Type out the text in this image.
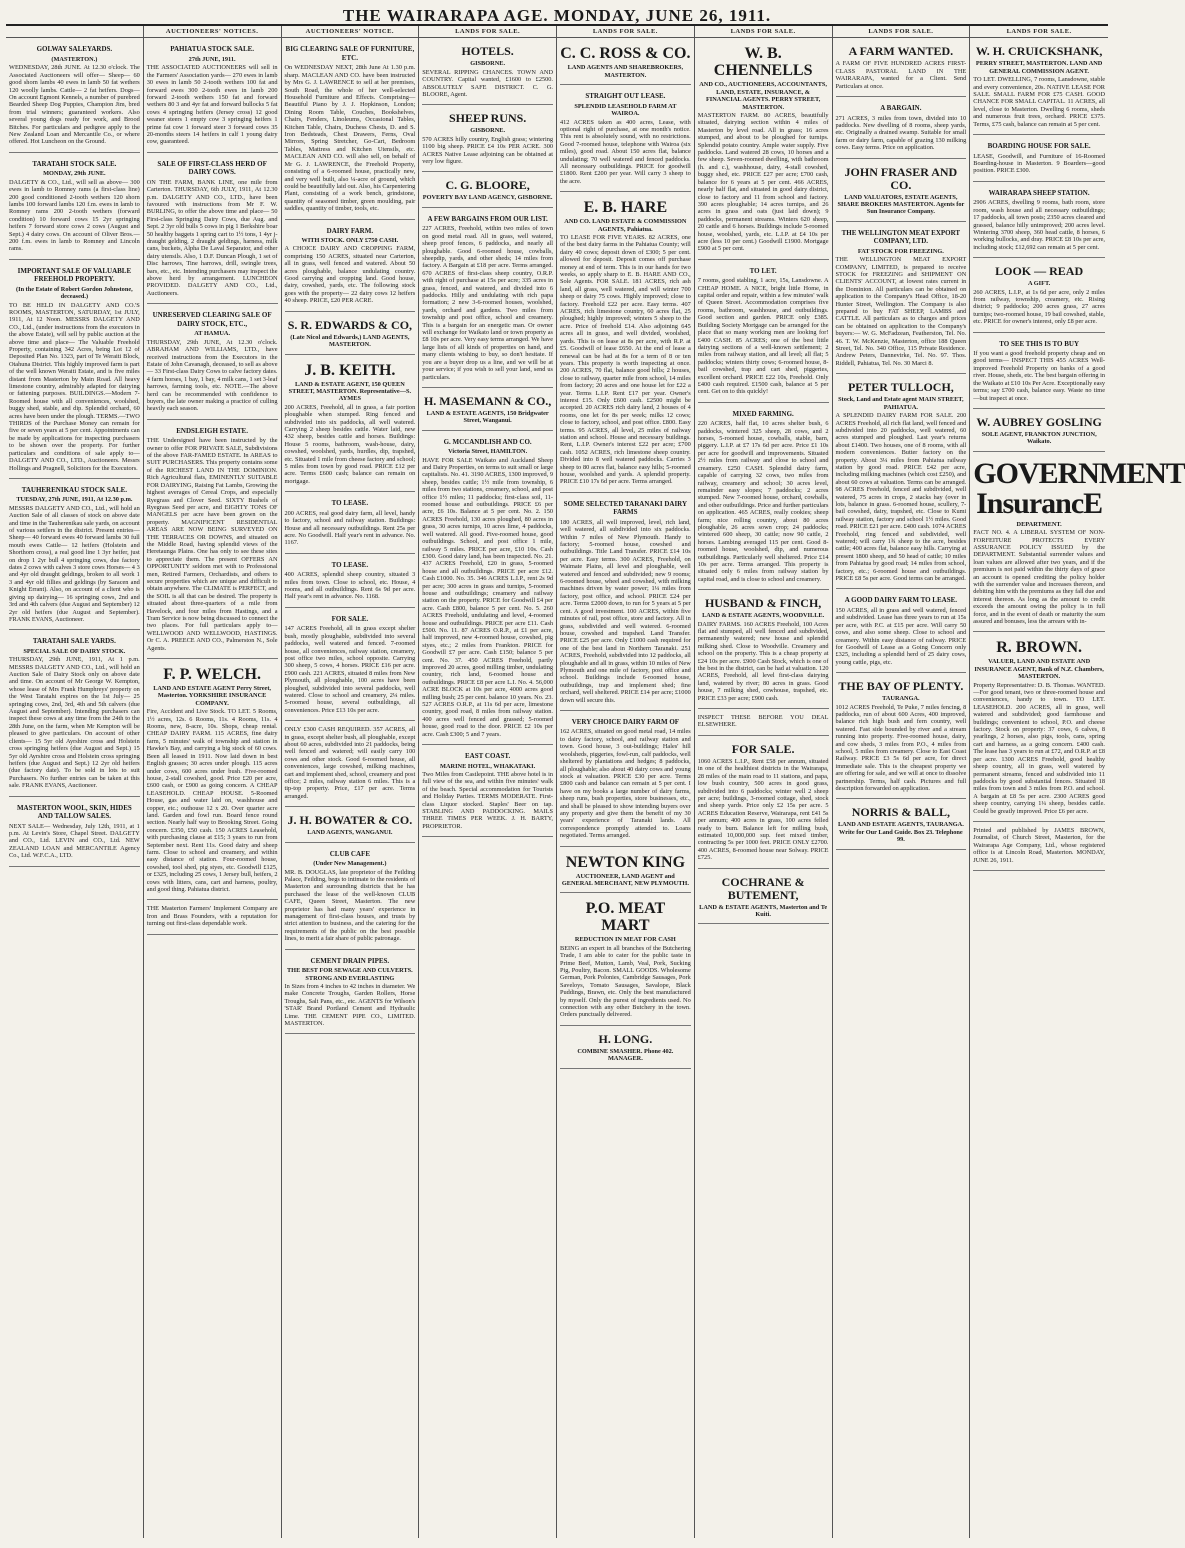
THE WAIRARAPA AGE. MONDAY, JUNE 26, 1911.

GOLWAY SALEYARDS.
(MASTERTON.)

WEDNESDAY, 28th JUNE. At 12.30 o'clock. The Associated Auctioneers will offer— Sheep— 60 good shorn lambs 40 ewes in lamb 50 fat wethers 120 woolly lambs. Cattle— 2 fat heifers. Dogs— On account Egmont Kennels, a number of purebred Bearded Sheep Dog Puppies, Champion Jim, bred from trial winners; guaranteed workers. Also several young dogs ready for work, and Brood Bitches. For particulars and pedigree apply to the New Zealand Loan and Mercantile Co., or where offered. Hot Luncheon on the Ground.

TARATAHI STOCK SALE.
MONDAY, 29th JUNE.

DALGETY & CO., Ltd., will sell as above— 300 ewes in lamb to Romney rams (a first-class line) 200 good conditioned 2-tooth wethers 120 shorn lambs 100 forward lambs 120 f.m. ewes in lamb to Romney rams 200 2-tooth wethers (forward condition) 10 forward cows 15 2yr springing heifers 7 forward store cows 2 cows (August and Sept.) 4 dairy cows. On account of Oliver Bros.— 200 f.m. ewes in lamb to Romney and Lincoln rams.

IMPORTANT SALE OF VALUABLE FREEHOLD PROPERTY.
(In the Estate of Robert Gordon Johnstone, deceased.)

TO BE HELD IN DALGETY AND CO.'S ROOMS, MASTERTON, SATURDAY, 1st JULY, 1911, At 12 Noon. MESSRS DALGETY AND CO., Ltd., (under instructions from the executors in the above Estate), will sell by public auction at the above time and place— The Valuable Freehold Property, containing 342 Acres, being Lot 12 of Deposited Plan No. 1323, part of Te Weraiti Block, Otahuna District. This highly improved farm is part of the well known Weraiti Estate, and is five miles distant from Masterton by Main Road. All heavy limestone country, admirably adapted for dairying or fattening purposes. BUILDINGS.—Modern 7-Roomed house with all conveniences, woolshed, buggy shed, stable, and dip. Splendid orchard, 60 acres have been under the plough. TERMS.—TWO THIRDS of the Purchase Money can remain for five or seven years at 5 per cent. Appointments can be made by applications for inspecting purchasers to be shown over the property. For further particulars and conditions of sale apply to— DALGETY AND CO., LTD., Auctioneers. Messrs Hollings and Pragnell, Solicitors for the Executors.

TAUHERENIKAU STOCK SALE.
TUESDAY, 27th JUNE, 1911, At 12.30 p.m.

MESSRS DALGETY AND CO., Ltd., will hold an Auction Sale of all classes of stock on above date and time in the Tauherenikau sale yards, on account of various settlers in the district. Present entries— Sheep— 40 forward ewes 40 forward lambs 30 full mouth ewes Cattle— 12 heifers (Holstein and Shorthorn cross), a real good line 1 3yr heifer, just on drop 1 2yr bull 4 springing cows, due factory dates 2 cows with calves 3 store cows Horses— 4 3 and 4yr old draught geldings, broken to all work 1 3 and 4yr old fillies and geldings (by Saracen and Knight Errant). Also, on account of a client who is giving up dairying— 16 springing cows, 2nd and 3rd and 4th calvers (due August and September) 12 2yr old heifers (due August and September). FRANK EVANS, Auctioneer.

TARATAHI SALE YARDS.
SPECIAL SALE OF DAIRY STOCK.

THURSDAY, 29th JUNE, 1911, At 1 p.m. MESSRS DALGETY AND CO., Ltd., will hold an Auction Sale of Dairy Stock only on above date and time. On account of Mr George W. Kempton, whose lease of Mrs Frank Humphreys' property on the West Taratahi expires on the 1st July— 25 springing cows, 2nd, 3rd, 4th and 5th calvers (due August and September). Intending purchasers can inspect these cows at any time from the 24th to the 28th June, on the farm, when Mr Kempton will be pleased to give particulars. On account of other clients— 15 5yr old Ayrshire cross and Holstein cross springing heifers (due August and Sept.) 15 5yr old Ayrshire cross and Holstein cross springing heifers (due August and Sept.) 12 2yr old heifers (due factory date). To be sold in lots to suit Purchasers. No further entries can be taken at this sale. FRANK EVANS, Auctioneer.

MASTERTON WOOL, SKIN, HIDES AND TALLOW SALES.

NEXT SALE— Wednesday, July 12th, 1911, at 1 p.m. At Levin's Store, Chapel Street. DALGETY and CO., Ltd. LEVIN and CO., Ltd. NEW ZEALAND LOAN and MERCANTILE Agency Co., Ltd. W.F.C.A., LTD.

AUCTIONEERS' NOTICES.
PAHIATUA STOCK SALE.
27th JUNE, 1911.

THE ASSOCIATED AUCTIONEERS will sell in the Farmers' Association yards— 270 ewes in lamb 30 ewes in lamb 50 2-tooth wethers 100 fat and forward ewes 300 2-tooth ewes in lamb 200 forward 2-tooth wethers 150 fat and forward wethers 80 3 and 4yr fat and forward bullocks 5 fat cows 4 springing heifers (Jersey cross) 12 good weaner steers 1 empty cow 3 springing heifers 1 prime fat cow 1 forward steer 3 forward cows 35 20-months steers 14 heifers in calf 1 young dairy cow, guaranteed.

SALE OF FIRST-CLASS HERD OF DAIRY COWS.

ON THE FARM, BANK LINE, one mile from Carterton. THURSDAY, 6th JULY, 1911, At 12.30 p.m. DALGETY AND CO., LTD., have been favoured with instructions from Mr F. W. BURLING, to offer the above time and place— 50 First-class Springing Dairy Cows, due Aug. and Sept. 2 3yr old bulls 5 cows in pig 1 Berkshire boar 50 healthy baggets 1 spring cart to 1½ tons, 1 4yr j-draught gelding, 2 draught geldings, harness, milk cans, buckets, Alpha De Laval Separator, and other dairy utensils. Also, 1 D.F. Duncan Plough, 1 set of Disc harrows, Tine harrows, drill, swingle trees, bars, etc., etc. Intending purchasers may inspect the above herd by arrangement. LUNCHEON PROVIDED. DALGETY AND CO., Ltd., Auctioneers.

UNRESERVED CLEARING SALE OF DAIRY STOCK, ETC.,
AT HAMUA.

THURSDAY, 29th JUNE, At 12.30 o'clock. ABRAHAM AND WILLIAMS, LTD., have received instructions from the Executors in the Estate of John Cavanagh, deceased, to sell as above— 33 First-class Dairy Cows to calve factory dates. 4 farm horses, 1 bay, 1 bay, 4 milk cans, 1 set 3-leaf harrows, farming tools, etc. NOTE.—The above herd can be recommended with confidence to buyers, the late owner making a practice of culling heavily each season.

ENDSLEIGH ESTATE.

THE Undersigned have been instructed by the owner to offer FOR PRIVATE SALE, Subdivisions of the above FAR-FAMED ESTATE. In AREAS to SUIT PURCHASERS. This property contains some of the RICHEST LAND IN THE DOMINION. Rich Agricultural flats, EMINENTLY SUITABLE FOR DAIRYING, Raising Fat Lambs, Growing the highest averages of Cereal Crops, and especially Ryegrass and Clover Seed. SIXTY Bushels of Ryegrass Seed per acre, and EIGHTY TONS OF MANGELS per acre have been grown on the property. MAGNIFICENT RESIDENTIAL AREAS ARE NOW BEING SURVEYED ON THE TERRACES OR DOWNS, and situated on the Middle Road, having splendid views of the Heretaunga Plains. One has only to see these sites to appreciate them. The present OFFERS AN OPPORTUNITY seldom met with to Professional men, Retired Farmers, Orchardists, and others to secure properties which are unique and difficult to obtain anywhere. The CLIMATE is PERFECT, and the SOIL is all that can be desired. The property is situated about three-quarters of a mile from Havelock, and four miles from Hastings, and a Tram Service is now being discussed to connect the two places. For full particulars apply to— WELLWOOD AND WELLWOOD, HASTINGS. Or C. A. PREECE AND CO., Palmerston N., Sole Agents.

F. P. WELCH.
LAND AND ESTATE AGENT Perry Street, Masterton. YORKSHIRE INSURANCE COMPANY.

Fire, Accident and Live Stock. TO LET. 5 Rooms, 1½ acres, 12s. 6 Rooms, 11s. 4 Rooms, 11s. 4 Rooms, new, 8-acre, 10s. Shops, cheap rental. CHEAP DAIRY FARM. 115 ACRES, fine dairy farm, 5 minutes' walk of township and station in Hawke's Bay, and carrying a big stock of 60 cows. Been all leased in 1911. Now laid down in best English grasses; 30 acres under plough. 115 acres under cows, 600 acres under bush. Five-roomed house, 2-stall cowshed, good. Price £20 per acre, £600 cash, or £900 as going concern. A CHEAP LEASEHOLD. CHEAP HOUSE. 5-Roomed House, gas and water laid on, washhouse and copper, etc.; outhouse 12 x 20. Over quarter acre land. Garden and fowl run. Board fence round section. Nearly half way to Brooking Street. Going concern. £350, £50 cash. 150 ACRES Leasehold, with purchasing clause at £15; 3 years to run from September next. Rent 11s. Good dairy and sheep farm. Close to school and creamery, and within easy distance of station. Four-roomed house, cowshed, tool shed, pig styes, etc. Goodwill £125, or £325, including 25 cows, 1 Jersey bull, heifers, 2 cows with litters, cans, cart and harness, poultry, and good thing. Pahiatua district.

THE Masterton Farmers' Implement Company are Iron and Brass Founders, with a reputation for turning out first-class dependable work.

AUCTIONEERS' NOTICE.
BIG CLEARING SALE OF FURNITURE, ETC.

On WEDNESDAY NEXT, 28th June At 1.30 p.m. sharp. MACLEAN AND CO. have been instructed by Mrs G. J. LAWRENCE to sell at her premises, South Road, the whole of her well-selected Household Furniture and Effects. Comprising—Beautiful Piano by J. J. Hopkinson, London; Dining Room Table, Couches, Bookshelves, Chairs, Fenders, Linoleums, Occasional Tables, Kitchen Table, Chairs, Duchess Chests, D. and S. Iron Bedsteads, Chest Drawers, Ferns, Oval Mirrors, Spring Stretcher, Go-Cart, Bedroom Tables, Mattress and Kitchen Utensils, etc. MACLEAN AND CO. will also sell, on behalf of Mr G. J. LAWRENCE, the Freehold Property, consisting of a 6-roomed house, practically new, and very well built, also ¼-acre of ground, which could be beautifully laid out. Also, his Carpentering Plant, consisting of a work bench, grindstone, quantity of seasoned timber, green moulding, pair saddles, quantity of timber, tools, etc.

DAIRY FARM.
WITH STOCK. ONLY £750 CASH.

A CHOICE DAIRY AND CROPPING FARM, comprising 150 ACRES, situated near Carterton, all in grass, well fenced and watered. About 50 acres ploughable, balance undulating country. Good carrying and cropping land. Good house, dairy, cowshed, yards, etc. The following stock goes with the property— 22 dairy cows 12 heifers 40 sheep. PRICE, £20 PER ACRE.

S. R. EDWARDS & CO,
(Late Nicol and Edwards,) LAND AGENTS, MASTERTON.
J. B. KEITH.
LAND & ESTATE AGENT, 150 QUEEN STREET, MASTERTON. Representative—S. AYMES

200 ACRES, Freehold, all in grass, a fair portion ploughable when stumped. Ring fenced and subdivided into six paddocks, all well watered. Carrying 2 sheep besides cattle. Water laid, new 432 sheep, besides cattle and horses. Buildings: House 5 rooms, bathroom, wash-house, dairy, cowshed, woolshed, yards, hurdles, dip, trapshed, etc. Situated 1 mile from cheese factory and school; 5 miles from town by good road. PRICE £12 per acre. Terms £600 cash; balance can remain on mortgage.

TO LEASE.

200 ACRES, real good dairy farm, all level, handy to factory, school and railway station. Buildings: House and all necessary outbuildings. Rent 25s per acre. No Goodwill. Half year's rent in advance. No. 1167.

TO LEASE.

400 ACRES, splendid sheep country, situated 3 miles from town. Close to school, etc. House, 4 rooms, and all outbuildings. Rent 6s 9d per acre. Half year's rent in advance. No. 1168.

FOR SALE.

147 ACRES Freehold, all in grass except shelter bush, mostly ploughable, subdivided into several paddocks, well watered and fenced. 7-roomed house, all conveniences, railway station, creamery, post office two miles, school opposite. Carrying 300 sheep, 5 cows, 4 horses. PRICE £16 per acre. £900 cash. 221 ACRES, situated 8 miles from New Plymouth, all ploughable, 100 acres have been ploughed, subdivided into several paddocks, well watered. Close to school and creamery, 2¼ miles. 5-roomed house, several outbuildings, all conveniences. Price £13 10s per acre.

ONLY £300 CASH REQUIRED. 357 ACRES, all in grass, except shelter bush, all ploughable, except about 60 acres, subdivided into 21 paddocks, being well fenced and watered; will easily carry 100 cows and other stock. Good 6-roomed house, all conveniences, large cowshed, milking machines, cart and implement shed, school, creamery and post office; 2 miles, railway station 6 miles. This is a tip-top property. Price, £17 per acre. Terms arranged.

J. H. BOWATER & CO.
LAND AGENTS, WANGANUI.
CLUB CAFE
(Under New Management.)

MR. B. DOUGLAS, late proprietor of the Feilding Palace, Feilding, begs to intimate to the residents of Masterton and surrounding districts that he has purchased the lease of the well-known CLUB CAFE, Queen Street, Masterton. The new proprietor has had many years' experience in management of first-class houses, and trusts by strict attention to business, and the catering for the requirements of the public on the best possible lines, to merit a fair share of public patronage.

CEMENT DRAIN PIPES.
THE BEST FOR SEWAGE AND CULVERTS. STRONG AND EVERLASTING

In Sizes from 4 inches to 42 inches in diameter. We make Concrete Troughs, Garden Rollers, Horse Troughs, Salt Pans, etc., etc. AGENTS for Wilson's 'STAR' Brand Portland Cement and Hydraulic Lime. THE CEMENT PIPE CO., LIMITED. MASTERTON.

LANDS FOR SALE.
HOTELS.
GISBORNE.

SEVERAL RIPPING CHANCES. TOWN AND COUNTRY. Capital wanted, £1600 to £2500. ABSOLUTELY SAFE DISTRICT. C. G. BLOORE, Agent.

SHEEP RUNS.
GISBORNE.

570 ACRES hilly country, English grass; wintering 1100 big sheep. PRICE £4 10s PER ACRE. 300 ACRES Native Lease adjoining can be obtained at very low figure.

C. G. BLOORE,
POVERTY BAY LAND AGENCY, GISBORNE.
A FEW BARGAINS FROM OUR LIST.

227 ACRES, Freehold, within two miles of town on good metal road. All in grass, well watered, sheep proof fences, 6 paddocks, and nearly all ploughable. Good 6-roomed house, cowballs, sheepdip, yards, and other sheds; 14 miles from factory. A Bargain at £18 per acre. Terms arranged. 670 ACRES of first-class sheep country, O.R.P. with right of purchase at 15s per acre; 335 acres in grass, fenced, and watered, and divided into 6 paddocks. Hilly and undulating with rich papa formation; 2 new 3-6-roomed houses, woolshed, yards, orchard and gardens. Two miles from township and post office, school and creamery. This is a bargain for an energetic man. Or owner will exchange for Waikato land or town property as £8 10s per acre. Very easy terms arranged. We have large lists of all kinds of properties on hand, and many clients wishing to buy, so don't hesitate. If you are a buyer drop us a line, and we will be at your service; if you wish to sell your land, send us particulars.

H. MASEMANN & CO.,
LAND & ESTATE AGENTS, 150 Bridgwater Street, Wanganui.
G. MCCANDLISH AND CO.
Victoria Street, HAMILTON.

HAVE FOR SALE Waikato and Auckland Sheep and Dairy Properties, on terms to suit small or large capitalists. No. 41. 3190 ACRES, 1300 improved, 9 sheep, besides cattle; 1½ mile from township, 6 miles from two stations, creamery, school, and post office 1½ miles; 11 paddocks; first-class soil, 11-roomed house and outbuildings. PRICE £6 per acre, £6 10s. Balance at 5 per cent. No. 2. 150 ACRES Freehold, 130 acres ploughed, 80 acres in grass, 30 acres turnips, 10 acres lime, 4 paddocks, well watered. All good. Five-roomed house, good outbuildings. School, and post office 1 mile, railway 5 miles. PRICE per acre, £10 10s. Cash £300. Good dairy land, has been inspected. No. 21. 437 ACRES Freehold, £20 in grass, 5-roomed house and all outbuildings. PRICE per acre £12. Cash £1000. No. 35. 346 ACRES L.I.P., rent 2s 9d per acre; 300 acres in grass and turnips, 5-roomed house and outbuildings; creamery and railway station on the property. PRICE for Goodwill £4 per acre. Cash £800, balance 5 per cent. No. 5. 260 ACRES Freehold, undulating and level, 4-roomed house and outbuildings. PRICE per acre £11. Cash £500. No. 11. 87 ACRES O.R.P., at £1 per acre, half improved, new 4-roomed house, cowshed, pig styes, etc.; 2 miles from Frankton. PRICE for Goodwill £7 per acre. Cash £150; balance 5 per cent. No. 37. 450 ACRES Freehold, partly improved 20 acres, good milling timber, undulating country, rich land, 6-roomed house and outbuildings. PRICE £8 per acre L.I. No. 4. 56,000 ACRE BLOCK at 10s per acre, 4000 acres good milling bush; 25 per cent. balance 10 years. No. 23. 527 ACRES O.R.P., at 11s 6d per acre, limestone country, good road, 8 miles from railway station. 400 acres well fenced and grassed; 5-roomed house, good road to the door. PRICE £2 10s per acre. Cash £300; 5 and 7 years.

EAST COAST.
MARINE HOTEL, WHAKATAKI.

Two Miles from Castlepoint. THE above hotel is in full view of the sea, and within five minutes' walk of the beach. Special accommodation for Tourists and Holiday Parties. TERMS MODERATE. First-class Liquor stocked. Staples' Beer on tap. STABLING AND PADDOCKING. MAILS THREE TIMES PER WEEK. J. H. BARTY, PROPRIETOR.

LANDS FOR SALE.
C. C. ROSS & CO.
LAND AGENTS AND SHAREBROKERS, MASTERTON.
STRAIGHT OUT LEASE.
SPLENDID LEASEHOLD FARM AT WAIROA.

412 ACRES taken as 400 acres, Lease, with optional right of purchase, at one month's notice. This rent is absolutely sound, with no restrictions. Good 7-roomed house, telephone with Wairoa (six miles), good road. About 150 acres flat, balance undulating; 70 well watered and fenced paddocks. All necessary outbuildings. PRICE for goodwill £1800. Rent £200 per year. Will carry 3 sheep to the acre.

E. B. HARE
AND CO. LAND ESTATE & COMMISSION AGENTS, Pahiatua.

TO LEASE FOR FIVE YEARS. 82 ACRES, one of the best dairy farms in the Pahiatua County; will dairy 40 cows; deposit down of £300; 5 per cent. allowed for deposit. Deposit comes off purchase money at end of term. This is in our hands for two weeks, so apply sharp to E. B. HARE AND CO., Sole Agents. FOR SALE. 181 ACRES, rich ash land, all grass, well watered, and will winter 700 sheep or dairy 75 cows. Highly improved; close to factory. Freehold £22 per acre. Easy terms. 407 ACRES, rich limestone country, 60 acres flat, 25 ploughed; highly improved; winters 5 sheep to the acre. Price of freehold £14. Also adjoining 645 acres all in grass, and well divided, woolshed, yards. This is on lease at 8s per acre, with R.P. at £5. Goodwill of lease £650. At the end of lease a renewal can be had at 8s for a term of 8 or ten years. This property is worth inspecting at once. 200 ACRES, 70 flat, balance good hills; 2 houses, close to railway, quarter mile from school, 14 miles from factory; 20 acres and one house let for £22 a year. Terms L.I.P. Rent £17 per year. Owner's interest £15. Only £600 cash. £2500 might be accepted. 20 ACRES rich dairy land, 2 houses of 4 rooms, one let for 8s per week; milks 12 cows; close to factory, school, and post office. £800. Easy terms. 95 ACRES, all level, 25 miles of railway station and school. House and necessary buildings. Rent, L.I.P. Owner's interest £22 per acre; £700 cash. 1052 ACRES, rich limestone sheep country. Divided into 8 well watered paddocks. Carries 3 sheep to 80 acres flat, balance easy hills; 5-roomed house, woolshed and yards. A splendid property. PRICE £10 17s 6d per acre. Terms arranged.

SOME SELECTED TARANAKI DAIRY FARMS

180 ACRES, all well improved, level, rich land, well watered, all subdivided into six paddocks. Within 7 miles of New Plymouth. Handy to factory; 5-roomed house, cowshed and outbuildings. Title Land Transfer. PRICE £14 10s per acre. Easy terms. 300 ACRES, Freehold, on Waimate Plains, all level and ploughable, well watered and fenced and subdivided; new 9 rooms; 6-roomed house, wheel and cowshed, with milking machines driven by water power; 1¼ miles from factory, post office, and school. PRICE £24 per acre. Terms £2000 down, to run for 5 years at 5 per cent. A good investment. 100 ACRES, within five minutes of rail, post office, store and factory. All in grass, subdivided and well watered. 6-roomed house, cowshed and trapshed. Land Transfer. PRICE £25 per acre. Only £1000 cash required for one of the best land in Northern Taranaki. 251 ACRES, Freehold, subdivided into 12 paddocks, all ploughable and all in grass, within 10 miles of New Plymouth and one mile of factory, post office and school. Buildings include 6-roomed house, outbuildings, trap and implement shed; fine orchard, well sheltered. PRICE £14 per acre; £1000 down will secure this.

VERY CHOICE DAIRY FARM OF

162 ACRES, situated on good metal road, 14 miles to dairy factory, school, and railway station and town. Good house, 3 out-buildings; Hales' hill woolsheds, piggeries, fowl-run, calf paddocks, well sheltered by plantations and hedges; 8 paddocks, all ploughable; also about 40 dairy cows and young stock at valuation. PRICE £30 per acre. Terms £800 cash and balance can remain at 5 per cent. I have on my books a large number of dairy farms, sheep runs, bush properties, store businesses, etc., and shall be pleased to show intending buyers over any property and give them the benefit of my 30 years' experience of Taranaki lands. All correspondence promptly attended to. Loans negotiated. Terms arranged.

NEWTON KING
AUCTIONEER, LAND AGENT and GENERAL MERCHANT, NEW PLYMOUTH.
P.O. MEAT MART
REDUCTION IN MEAT FOR CASH

BEING an expert in all branches of the Butchering Trade, I am able to cater for the public taste in Prime Beef, Mutton, Lamb, Veal, Pork, Sucking Pig, Poultry, Bacon. SMALL GOODS. Wholesome German, Pork Polonies, Cambridge Sausages, Pork Saveloys, Tomato Sausages, Savalope, Black Puddings, Brawn, etc. Only the best manufactured by myself. Only the purest of ingredients used. No connection with any other Butchery in the town. Orders punctually delivered.

H. LONG.
COMBINE SMASHER. Phone 402. MANAGER.
LANDS FOR SALE.
W. B. CHENNELLS
AND CO., AUCTIONEERS, ACCOUNTANTS, LAND, ESTATE, INSURANCE, & FINANCIAL AGENTS. PERRY STREET, MASTERTON.

MASTERTON FARM. 80 ACRES, beautifully situated, dairying section within 4 miles of Masterton by level road. All in grass; 16 acres stumped, and about to be ploughed for turnips. Splendid potato country. Ample water supply. Five paddocks. Land watered 28 cows, 10 horses and a few sheep. Seven-roomed dwelling, with bathroom (h. and c.), washhouse, dairy, 4-stall cowshed, buggy shed, etc. PRICE £27 per acre; £700 cash, balance for 6 years at 5 per cent. 466 ACRES, nearly half flat, and situated in good dairy district, close to factory and 11 from school and factory. 390 acres ploughable; 14 acres turnips, and 26 acres in grass and oats (just laid down); 9 paddocks, permanent streams. Winters 620 sheep, 20 cattle and 6 horses. Buildings include 5-roomed house, woolshed, yards, etc. L.I.P. at £4 10s per acre (less 10 per cent.) Goodwill £1900. Mortgage £900 at 5 per cent.

TO LET.

7 rooms, good stabling, 1 acre, 15s, Lansdowne. A CHEAP HOME. A NICE, bright little Home, in capital order and repair, within a few minutes' walk of Queen Street. Accommodation comprises five rooms, bathroom, washhouse, and outbuildings. Good section and garden. PRICE only £385. Building Society Mortgage can be arranged for the place that so many working men are looking for! £400 CASH. 85 ACRES; one of the best little dairying sections of a well-known settlement; 2 miles from railway station, and all level; all flat; 5 paddocks; winters thirty cows; 6-roomed house, 8-bail cowshed, trap and cart shed, piggeries, excellent orchard. PRICE £22 10s, Freehold. Only £400 cash required. £1500 cash, balance at 5 per cent. Get on to this quickly!

MIXED FARMING.

220 ACRES, half flat, 10 acres shelter bush, 6 paddocks, wintered 325 sheep, 28 cows, and 2 horses, 5-roomed house, cowballs, stable, barn, piggery. L.I.P. at £7 17s 6d per acre. Price £1 10s per acre for goodwill and improvements. Situated 2½ miles from railway and close to school and creamery. £250 CASH. Splendid dairy farm, capable of carrying 32 cows, two miles from railway, creamery and school; 30 acres level, remainder easy slopes; 7 paddocks; 2 acres stumped. New 7-roomed house, orchard, cowballs, and other outbuildings. Price and further particulars on application. 465 ACRES, really cookies; sheep farm; nice rolling country, about 80 acres ploughable, 26 acres sown crop; 24 paddocks; wintered 600 sheep, 30 cattle; now 90 cattle, 2 horses. Lambing averaged 115 per cent. Good 8-roomed house, woolshed, dip, and numerous outbuildings. Particularly well sheltered. Price £14 10s per acre. Terms arranged. This property is situated only 6 miles from railway station by capital road, and is close to school and creamery.

HUSBAND & FINCH,
LAND & ESTATE AGENTS, WOODVILLE.

DAIRY FARMS. 160 ACRES Freehold, 100 Acres flat and stumped, all well fenced and subdivided, permanently watered; new house and splendid milking shed. Close to Woodville. Creamery and school on the property. This is a cheap property at £24 10s per acre. £900 Cash Stock, which is one of the best in the district, can be had at valuation. 120 ACRES, Freehold, all level first-class dairying land, watered by river; 80 acres in grass. Good house, 7 milking shed, cowhouse, trapshed, etc. PRICE £33 per acre; £900 cash.

INSPECT THESE BEFORE YOU DEAL ELSEWHERE.

FOR SALE.

1060 ACRES L.I.P., Rent £58 per annum, situated in one of the healthiest districts in the Wairarapa, 28 miles of the main road to 11 stations, and papa, low bush country, 500 acres in good grass, subdivided into 6 paddocks; winter well 2 sheep per acre; buildings, 3-roomed cottage, shed, stock and sheep yards. Price only £2 15s per acre. 5 ACRES Education Reserve, Wairarapa, rent £41 5s per annum; 400 acres in grass, 100 acres felled ready to burn. Balance left for milling bush, estimated 10,000,000 sup. feet mixed timber, contracting 5s per 1000 feet. PRICE ONLY £2700. 400 ACRES, 8-roomed house near Solway. PRICE £725.

COCHRANE & BUTEMENT,
LAND & ESTATE AGENTS, Masterton and Te Kuiti.
LANDS FOR SALE.
A FARM WANTED.

A FARM OF FIVE HUNDRED ACRES FIRST-CLASS PASTORAL LAND IN THE WAIRARAPA, wanted for a Client. Send Particulars at once.

A BARGAIN.

271 ACRES, 3 miles from town, divided into 10 paddocks. New dwelling of 8 rooms, sheep yards, etc. Originally a drained swamp. Suitable for small farm or dairy farm, capable of grazing 130 milking cows. Easy terms. Price on application.

JOHN FRASER AND CO.
LAND VALUATORS, ESTATE AGENTS, SHARE BROKERS MASTERTON. Agents for Sun Insurance Company.
THE WELLINGTON MEAT EXPORT COMPANY, LTD.
FAT STOCK FOR FREEZING.

THE WELLINGTON MEAT EXPORT COMPANY, LIMITED, is prepared to receive STOCK for FREEZING and SHIPMENT ON CLIENTS' ACCOUNT, at lowest rates current in the Dominion. All particulars can be obtained on application to the Company's Head Office, 18-20 Hunter Street, Wellington. The Company is also prepared to buy FAT SHEEP, LAMBS and CATTLE. All particulars as to charges and prices can be obtained on application to the Company's buyers:— W. G. McFadzean, Featherston, Tel. No. 46. T. W. McKenzie, Masterton, office 188 Queen Street, Tel. No. 340 Office, 115 Private Residence. Andrew Peters, Dannevirke, Tel. No. 97. Thos. Riddell, Pahiatua, Tel. No. 30 Marci 8.

PETER TULLOCH,
Stock, Land and Estate agent MAIN STREET, PAHIATUA.

A SPLENDID DAIRY FARM FOR SALE. 200 ACRES Freehold, all rich flat land, well fenced and subdivided into 20 paddocks, well watered, 60 acres stumped and ploughed. Last year's returns about £1400. Two houses, one of 8 rooms, with all modern conveniences. Butter factory on the property. About 3¼ miles from Pahiatua railway station by good road. PRICE £42 per acre, including milking machines (which cost £250), and about 60 cows at valuation. Terms can be arranged. 98 ACRES Freehold, fenced and subdivided, well watered, 75 acres in crops, 2 stacks hay (over in lots, balance in grass. 6-roomed house, scullery, 7-bail cowshed, dairy, trapshed, etc. Close to Kumi railway station, factory and school 1½ miles. Good road. PRICE £21 per acre. £400 cash. 1074 ACRES Freehold, ring fenced and subdivided, well watered; will carry 1¾ sheep to the acre, besides cattle; 400 acres flat, balance easy hills. Carrying at present 1800 sheep, and 50 head of cattle; 10 miles from Pahiatua by good road; 14 miles from school, factory, etc.; 6-roomed house and outbuildings. PRICE £8 5s per acre. Good terms can be arranged.

A GOOD DAIRY FARM TO LEASE.

150 ACRES, all in grass and well watered, fenced and subdivided. Lease has three years to run at 15s per acre, with P.C. at £15 per acre. Will carry 50 cows, and also some sheep. Close to school and creamery. Within easy distance of railway. PRICE for Goodwill of Lease as a Going Concern only £325, including a splendid herd of 25 dairy cows, young cattle, pigs, etc.

THE BAY OF PLENTY.
TAURANGA.

1012 ACRES Freehold, Te Puke, 7 miles fencing, 8 paddocks, run of about 600 Acres, 400 improved, balance rich high bush and fern country, well watered. Fast side bounded by river and a stream running into property. Five-roomed house, dairy, and cow sheds, 3 miles from P.O., 4 miles from school, 5 miles from creamery. Close to East Coast Railway. PRICE £3 5s 6d per acre, for direct immediate sale. This is the cheapest property we are offering for sale, and we will at once to dissolve partnership. Terms, half cash. Pictures and full description forwarded on application.

NORRIS & BALL,
LAND AND ESTATE AGENTS, TAURANGA. Write for Our Land Guide. Box 23. Telephone 99.
LANDS FOR SALE.
W. H. CRUICKSHANK,
PERRY STREET, MASTERTON. LAND AND GENERAL COMMISSION AGENT.

TO LET. DWELLING, 7 rooms, Lansdowne, stable and every convenience, 20s. NATIVE LEASE FOR SALE. SMALL FARM FOR £75 CASH. GOOD CHANCE FOR SMALL CAPITAL. 11 ACRES, all level, close to Masterton. Dwelling 6 rooms, sheds and numerous fruit trees, orchard. PRICE £375. Terms, £75 cash, balance can remain at 5 per cent.

BOARDING HOUSE FOR SALE.

LEASE, Goodwill, and Furniture of 16-Roomed Boarding-house in Masterton. 9 Boarders—good position. PRICE £300.

WAIRARAPA SHEEP STATION.

2906 ACRES, dwelling 9 rooms, bath room, store room, wash house and all necessary outbuildings; 17 paddocks, all town posts; 2350 acres cleared and grassed, balance hilly unimproved; 200 acres level. Wintering 3700 sheep, 360 head cattle, 8 horses, 6 working bullocks, and dray. PRICE £8 10s per acre, including stock; £12,692 can remain at 5 per cent.

LOOK — READ
A GIFT.

260 ACRES, L.I.P., at 1s 6d per acre, only 2 miles from railway, township, creamery, etc. Rising district; 9 paddocks; 200 acres grass, 27 acres turnips; two-roomed house, 19 bail cowshed, stable, etc. PRICE for owner's interest, only £8 per acre.

TO SEE THIS IS TO BUY

If you want a good freehold property cheap and on good terms— INSPECT THIS 455 ACRES Well-improved Freehold Property on banks of a good river. House, sheds, etc. The best bargain offering in the Waikato at £10 10s Per Acre. Exceptionally easy terms; say £700 cash, balance easy. Waste no time—but inspect at once.

W. AUBREY GOSLING
SOLE AGENT, FRANKTON JUNCTION, Waikato.
GOVERNMENT InsurancE
DEPARTMENT.

FACT NO. 4. A LIBERAL SYSTEM OF NON-FORFEITURE PROTECTS EVERY ASSURANCE POLICY ISSUED by the DEPARTMENT. Substantial surrender values and loan values are allowed after two years, and if the premium is not paid within the thirty days of grace an account is opened crediting the policy holder with the surrender value and increases thereon, and debiting him with the premiums as they fall due and interest thereon. As long as the amount to credit exceeds the amount owing the policy is in full force, and in the event of death or maturity the sum assured and bonuses, less the arrears with in-

R. BROWN.
VALUER, LAND AND ESTATE AND INSURANCE AGENT, Bank of N.Z. Chambers, MASTERTON.

Property Representative: D. B. Thomas. WANTED.—For good tenant, two or three-roomed house and conveniences, handy to town. TO LET. LEASEHOLD. 200 ACRES, all in grass, well watered and subdivided; good farmhouse and buildings; convenient to school, P.O. and cheese factory. Stock on property: 37 cows, 6 calves, 8 yearlings, 2 horses, also pigs, tools, cans, spring cart and harness, as a going concern. £400 cash. The lease has 3 years to run at £72, and O.R.P. at £8 per acre. 1300 ACRES Freehold, good healthy sheep country, all in grass, well watered by permanent streams, fenced and subdivided into 11 paddocks by good substantial fences. Situated 18 miles from town and 3 miles from P.O. and school. A bargain at £8 5s per acre. 2300 ACRES good sheep country, carrying 1¼ sheep, besides cattle. Could be greatly improved. Price £6 per acre.

Printed and published by JAMES BROWN, Journalist, of Church Street, Masterton, for the Wairarapa Age Company, Ltd., whose registered office is at Lincoln Road, Masterton. MONDAY, JUNE 26, 1911.
